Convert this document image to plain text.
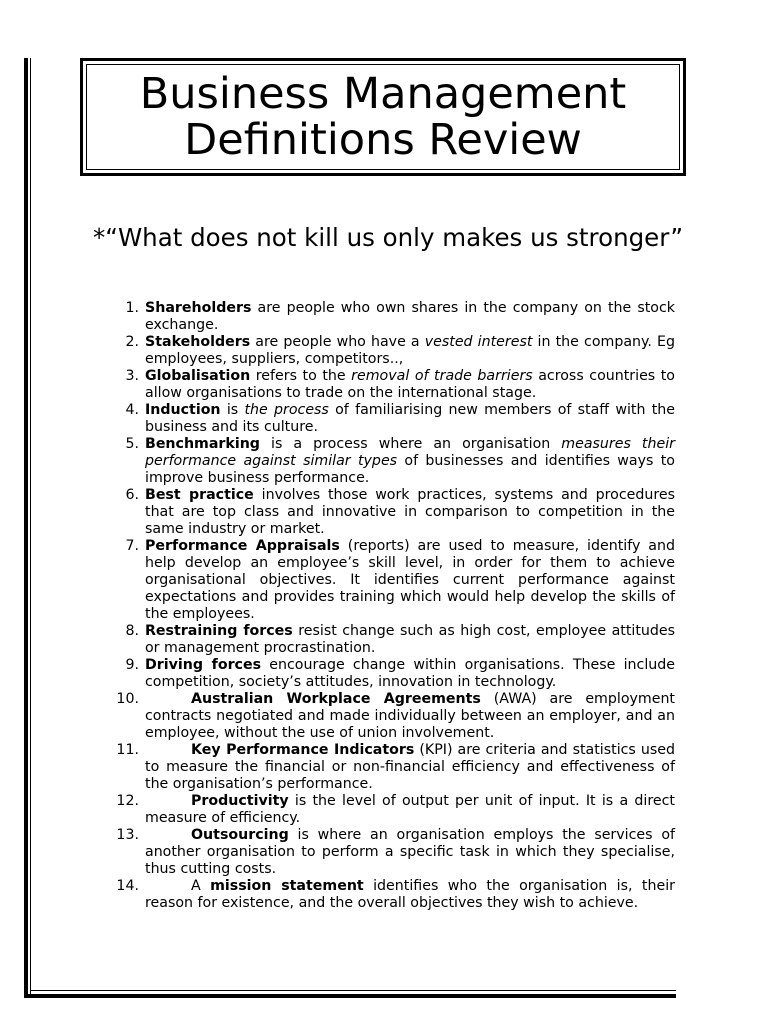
Business Management
Definitions Review
*“What does not kill us only makes us stronger”
1. Shareholders are people who own shares in the company on the stock exchange.
2. Stakeholders are people who have a vested interest in the company. Eg employees, suppliers, competitors..,
3. Globalisation refers to the removal of trade barriers across countries to allow organisations to trade on the international stage.
4. Induction is the process of familiarising new members of staff with the business and its culture.
5. Benchmarking is a process where an organisation measures their performance against similar types of businesses and identifies ways to improve business performance.
6. Best practice involves those work practices, systems and procedures that are top class and innovative in comparison to competition in the same industry or market.
7. Performance Appraisals (reports) are used to measure, identify and help develop an employee’s skill level, in order for them to achieve organisational objectives. It identifies current performance against expectations and provides training which would help develop the skills of the employees.
8. Restraining forces resist change such as high cost, employee attitudes or management procrastination.
9. Driving forces encourage change within organisations. These include competition, society’s attitudes, innovation in technology.
10.	Australian Workplace Agreements (AWA) are employment contracts negotiated and made individually between an employer, and an employee, without the use of union involvement.
11.	Key Performance Indicators (KPI) are criteria and statistics used to measure the financial or non-financial efficiency and effectiveness of the organisation’s performance.
12.	Productivity is the level of output per unit of input. It is a direct measure of efficiency.
13.	Outsourcing is where an organisation employs the services of another organisation to perform a specific task in which they specialise, thus cutting costs.
14.	A mission statement identifies who the organisation is, their reason for existence, and the overall objectives they wish to achieve.
